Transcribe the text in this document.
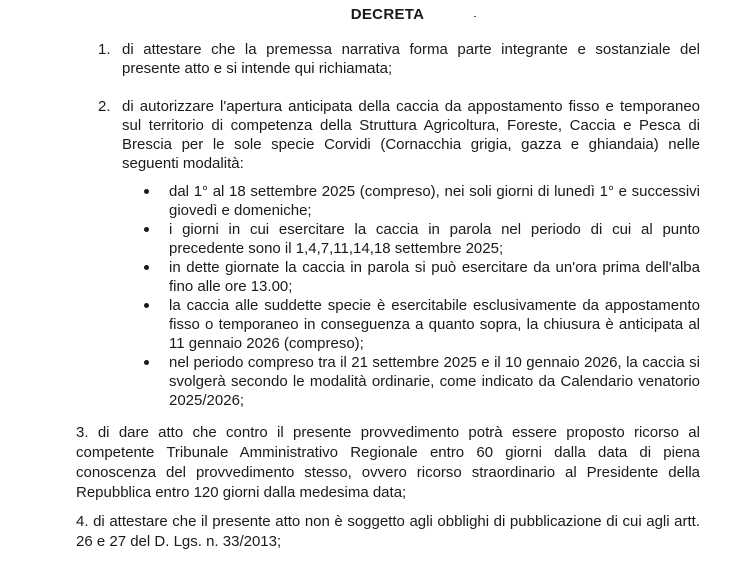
DECRETA
1. di attestare che la premessa narrativa forma parte integrante e sostanziale del presente atto e si intende qui richiamata;
2. di autorizzare l'apertura anticipata della caccia da appostamento fisso e temporaneo sul territorio di competenza della Struttura Agricoltura, Foreste, Caccia e Pesca di Brescia per le sole specie Corvidi (Cornacchia grigia, gazza e ghiandaia) nelle seguenti modalità:
dal 1° al 18 settembre 2025 (compreso), nei soli giorni di lunedì 1° e successivi giovedì e domeniche;
i giorni in cui esercitare la caccia in parola nel periodo di cui al punto precedente sono il 1,4,7,11,14,18 settembre 2025;
in dette giornate la caccia in parola si può esercitare da un'ora prima dell'alba fino alle ore 13.00;
la caccia alle suddette specie è esercitabile esclusivamente da appostamento fisso o temporaneo in conseguenza a quanto sopra, la chiusura è anticipata al 11 gennaio 2026 (compreso);
nel periodo compreso tra il 21 settembre 2025 e il 10 gennaio 2026, la caccia si svolgerà secondo le modalità ordinarie, come indicato da Calendario venatorio 2025/2026;
3. di dare atto che contro il presente provvedimento potrà essere proposto ricorso al competente Tribunale Amministrativo Regionale entro 60 giorni dalla data di piena conoscenza del provvedimento stesso, ovvero ricorso straordinario al Presidente della Repubblica entro 120 giorni dalla medesima data;
4. di attestare che il presente atto non è soggetto agli obblighi di pubblicazione di cui agli artt. 26 e 27 del D. Lgs. n. 33/2013;
